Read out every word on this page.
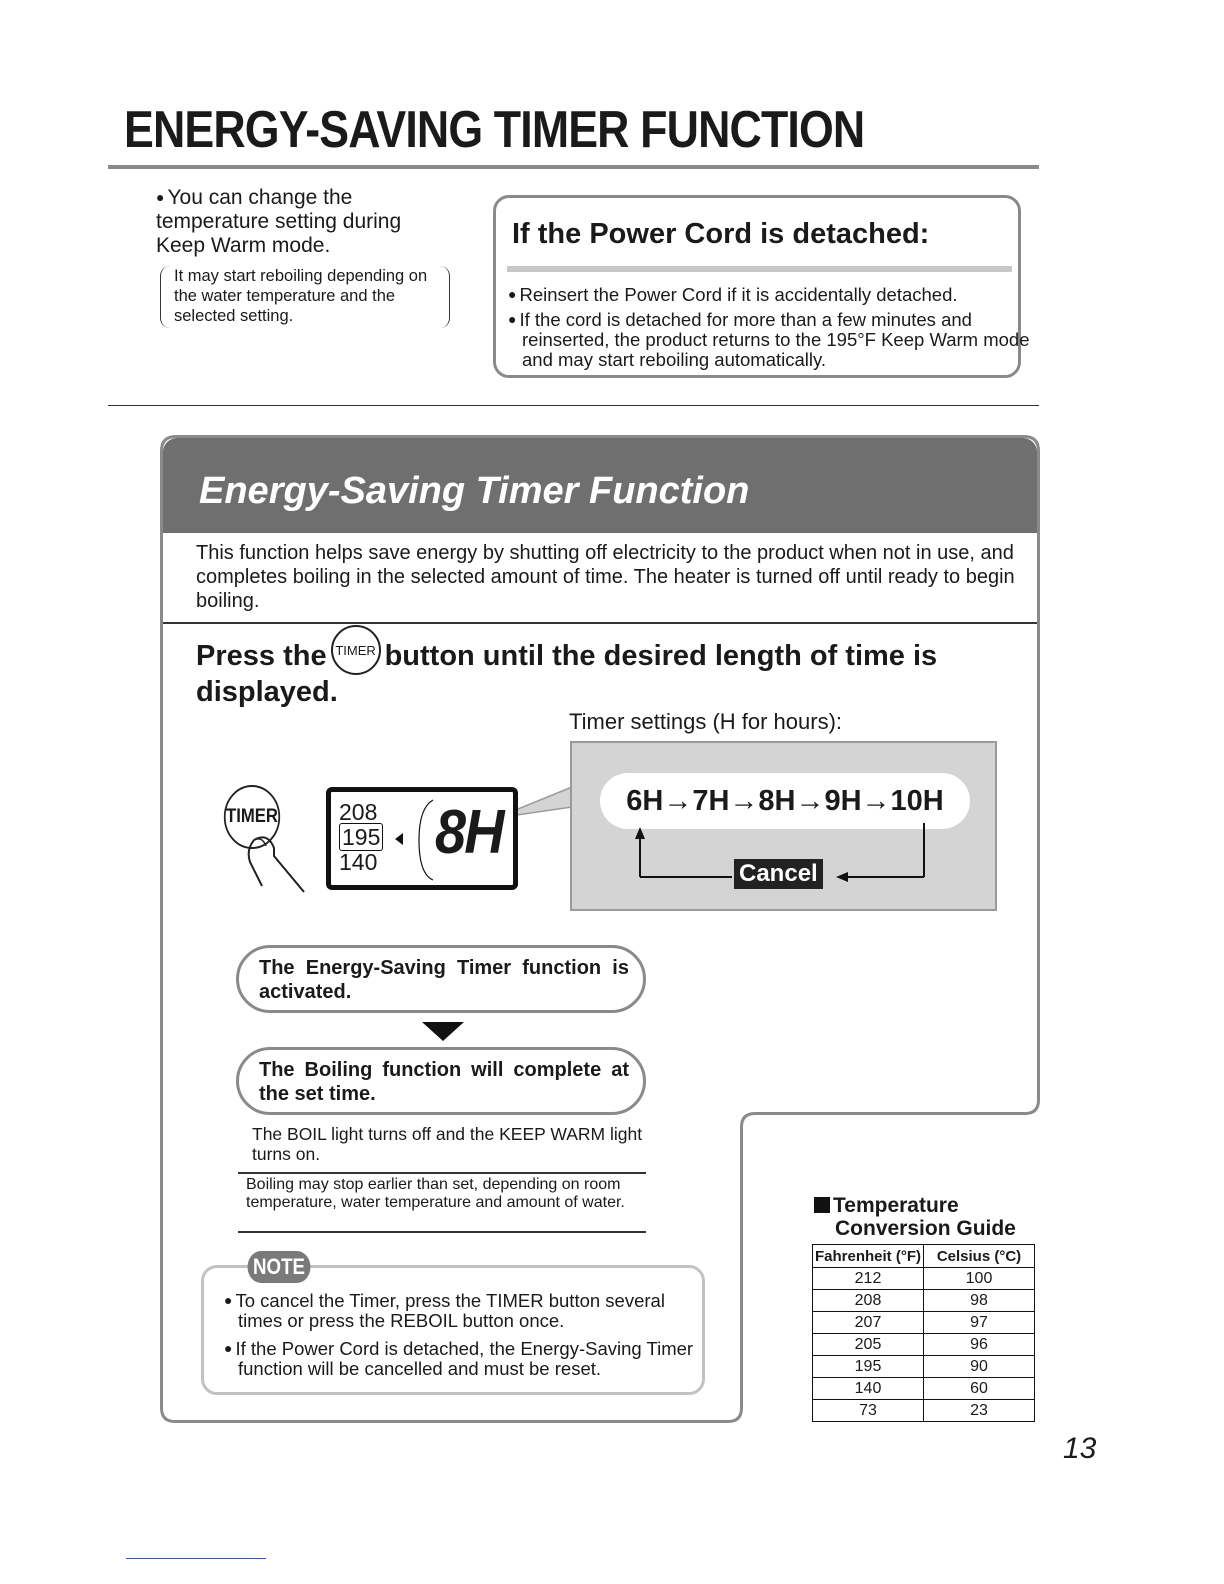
ENERGY-SAVING TIMER FUNCTION
● You can change the temperature setting during Keep Warm mode.
It may start reboiling depending on the water temperature and the selected setting.
If the Power Cord is detached:
● Reinsert the Power Cord if it is accidentally detached.
● If the cord is detached for more than a few minutes and reinserted, the product returns to the 195°F Keep Warm mode and may start reboiling automatically.
Energy-Saving Timer Function
This function helps save energy by shutting off electricity to the product when not in use, and completes boiling in the selected amount of time. The heater is turned off until ready to begin boiling.
Press the TIMER button until the desired length of time is displayed.
Timer settings (H for hours):
6H→7H→8H→9H→10H
Cancel
TIMER	208
195
140 8H
The Energy-Saving Timer function is activated.
The Boiling function will complete at the set time.
The BOIL light turns off and the KEEP WARM light turns on.
Boiling may stop earlier than set, depending on room temperature, water temperature and amount of water.
NOTE
● To cancel the Timer, press the TIMER button several times or press the REBOIL button once.
● If the Power Cord is detached, the Energy-Saving Timer function will be cancelled and must be reset.
Temperature
Conversion Guide
Fahrenheit (°F)	Celsius (°C)
212	100
208	98
207	97
205	96
195	90
140	60
73	23
13
